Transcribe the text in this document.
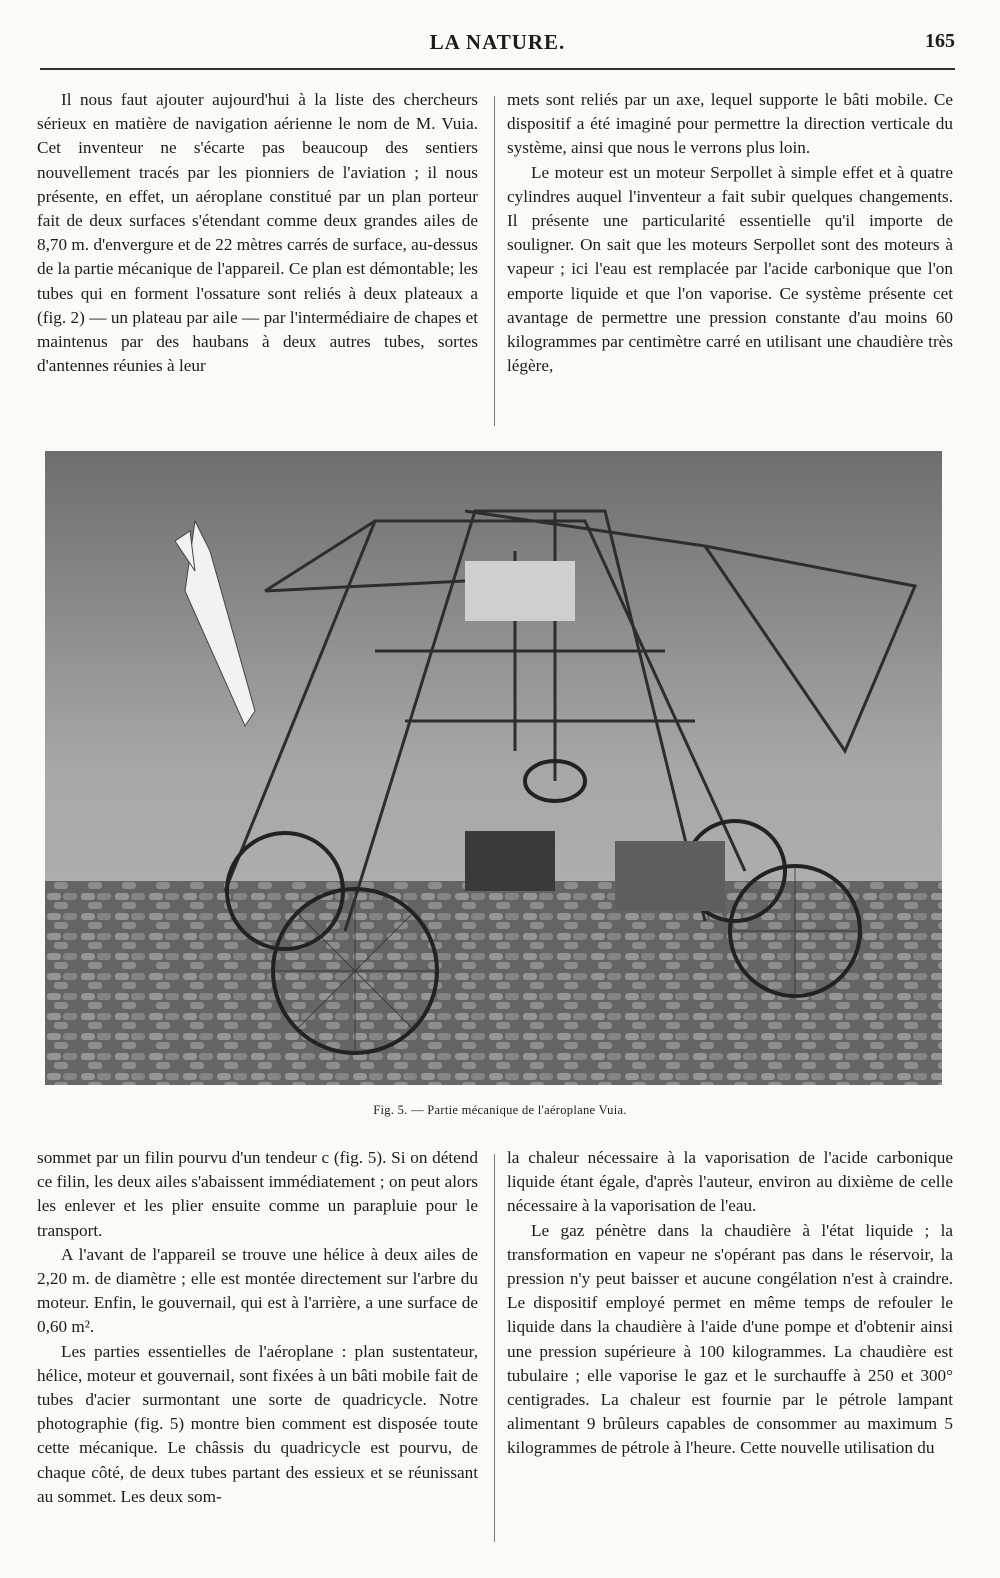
LA NATURE.	165

Il nous faut ajouter aujourd'hui à la liste des chercheurs sérieux en matière de navigation aérienne le nom de M. Vuia. Cet inventeur ne s'écarte pas beaucoup des sentiers nouvellement tracés par les pionniers de l'aviation ; il nous présente, en effet, un aéroplane constitué par un plan porteur fait de deux surfaces s'étendant comme deux grandes ailes de 8,70 m. d'envergure et de 22 mètres carrés de surface, au-dessus de la partie mécanique de l'appareil. Ce plan est démontable; les tubes qui en forment l'ossature sont reliés à deux plateaux a (fig. 2) — un plateau par aile — par l'intermédiaire de chapes et maintenus par des haubans à deux autres tubes, sortes d'antennes réunies à leur

mets sont reliés par un axe, lequel supporte le bâti mobile. Ce dispositif a été imaginé pour permettre la direction verticale du système, ainsi que nous le verrons plus loin.

Le moteur est un moteur Serpollet à simple effet et à quatre cylindres auquel l'inventeur a fait subir quelques changements. Il présente une particularité essentielle qu'il importe de souligner. On sait que les moteurs Serpollet sont des moteurs à vapeur ; ici l'eau est remplacée par l'acide carbonique que l'on emporte liquide et que l'on vaporise. Ce système présente cet avantage de permettre une pression constante d'au moins 60 kilogrammes par centimètre carré en utilisant une chaudière très légère,

Fig. 5. — Partie mécanique de l'aéroplane Vuia.

sommet par un filin pourvu d'un tendeur c (fig. 5). Si on détend ce filin, les deux ailes s'abaissent immédiatement ; on peut alors les enlever et les plier ensuite comme un parapluie pour le transport.

A l'avant de l'appareil se trouve une hélice à deux ailes de 2,20 m. de diamètre ; elle est montée directement sur l'arbre du moteur. Enfin, le gouvernail, qui est à l'arrière, a une surface de 0,60 m².

Les parties essentielles de l'aéroplane : plan sustentateur, hélice, moteur et gouvernail, sont fixées à un bâti mobile fait de tubes d'acier surmontant une sorte de quadricycle. Notre photographie (fig. 5) montre bien comment est disposée toute cette mécanique. Le châssis du quadricycle est pourvu, de chaque côté, de deux tubes partant des essieux et se réunissant au sommet. Les deux som-

la chaleur nécessaire à la vaporisation de l'acide carbonique liquide étant égale, d'après l'auteur, environ au dixième de celle nécessaire à la vaporisation de l'eau.

Le gaz pénètre dans la chaudière à l'état liquide ; la transformation en vapeur ne s'opérant pas dans le réservoir, la pression n'y peut baisser et aucune congélation n'est à craindre. Le dispositif employé permet en même temps de refouler le liquide dans la chaudière à l'aide d'une pompe et d'obtenir ainsi une pression supérieure à 100 kilogrammes. La chaudière est tubulaire ; elle vaporise le gaz et le surchauffe à 250 et 300° centigrades. La chaleur est fournie par le pétrole lampant alimentant 9 brûleurs capables de consommer au maximum 5 kilogrammes de pétrole à l'heure. Cette nouvelle utilisation du
